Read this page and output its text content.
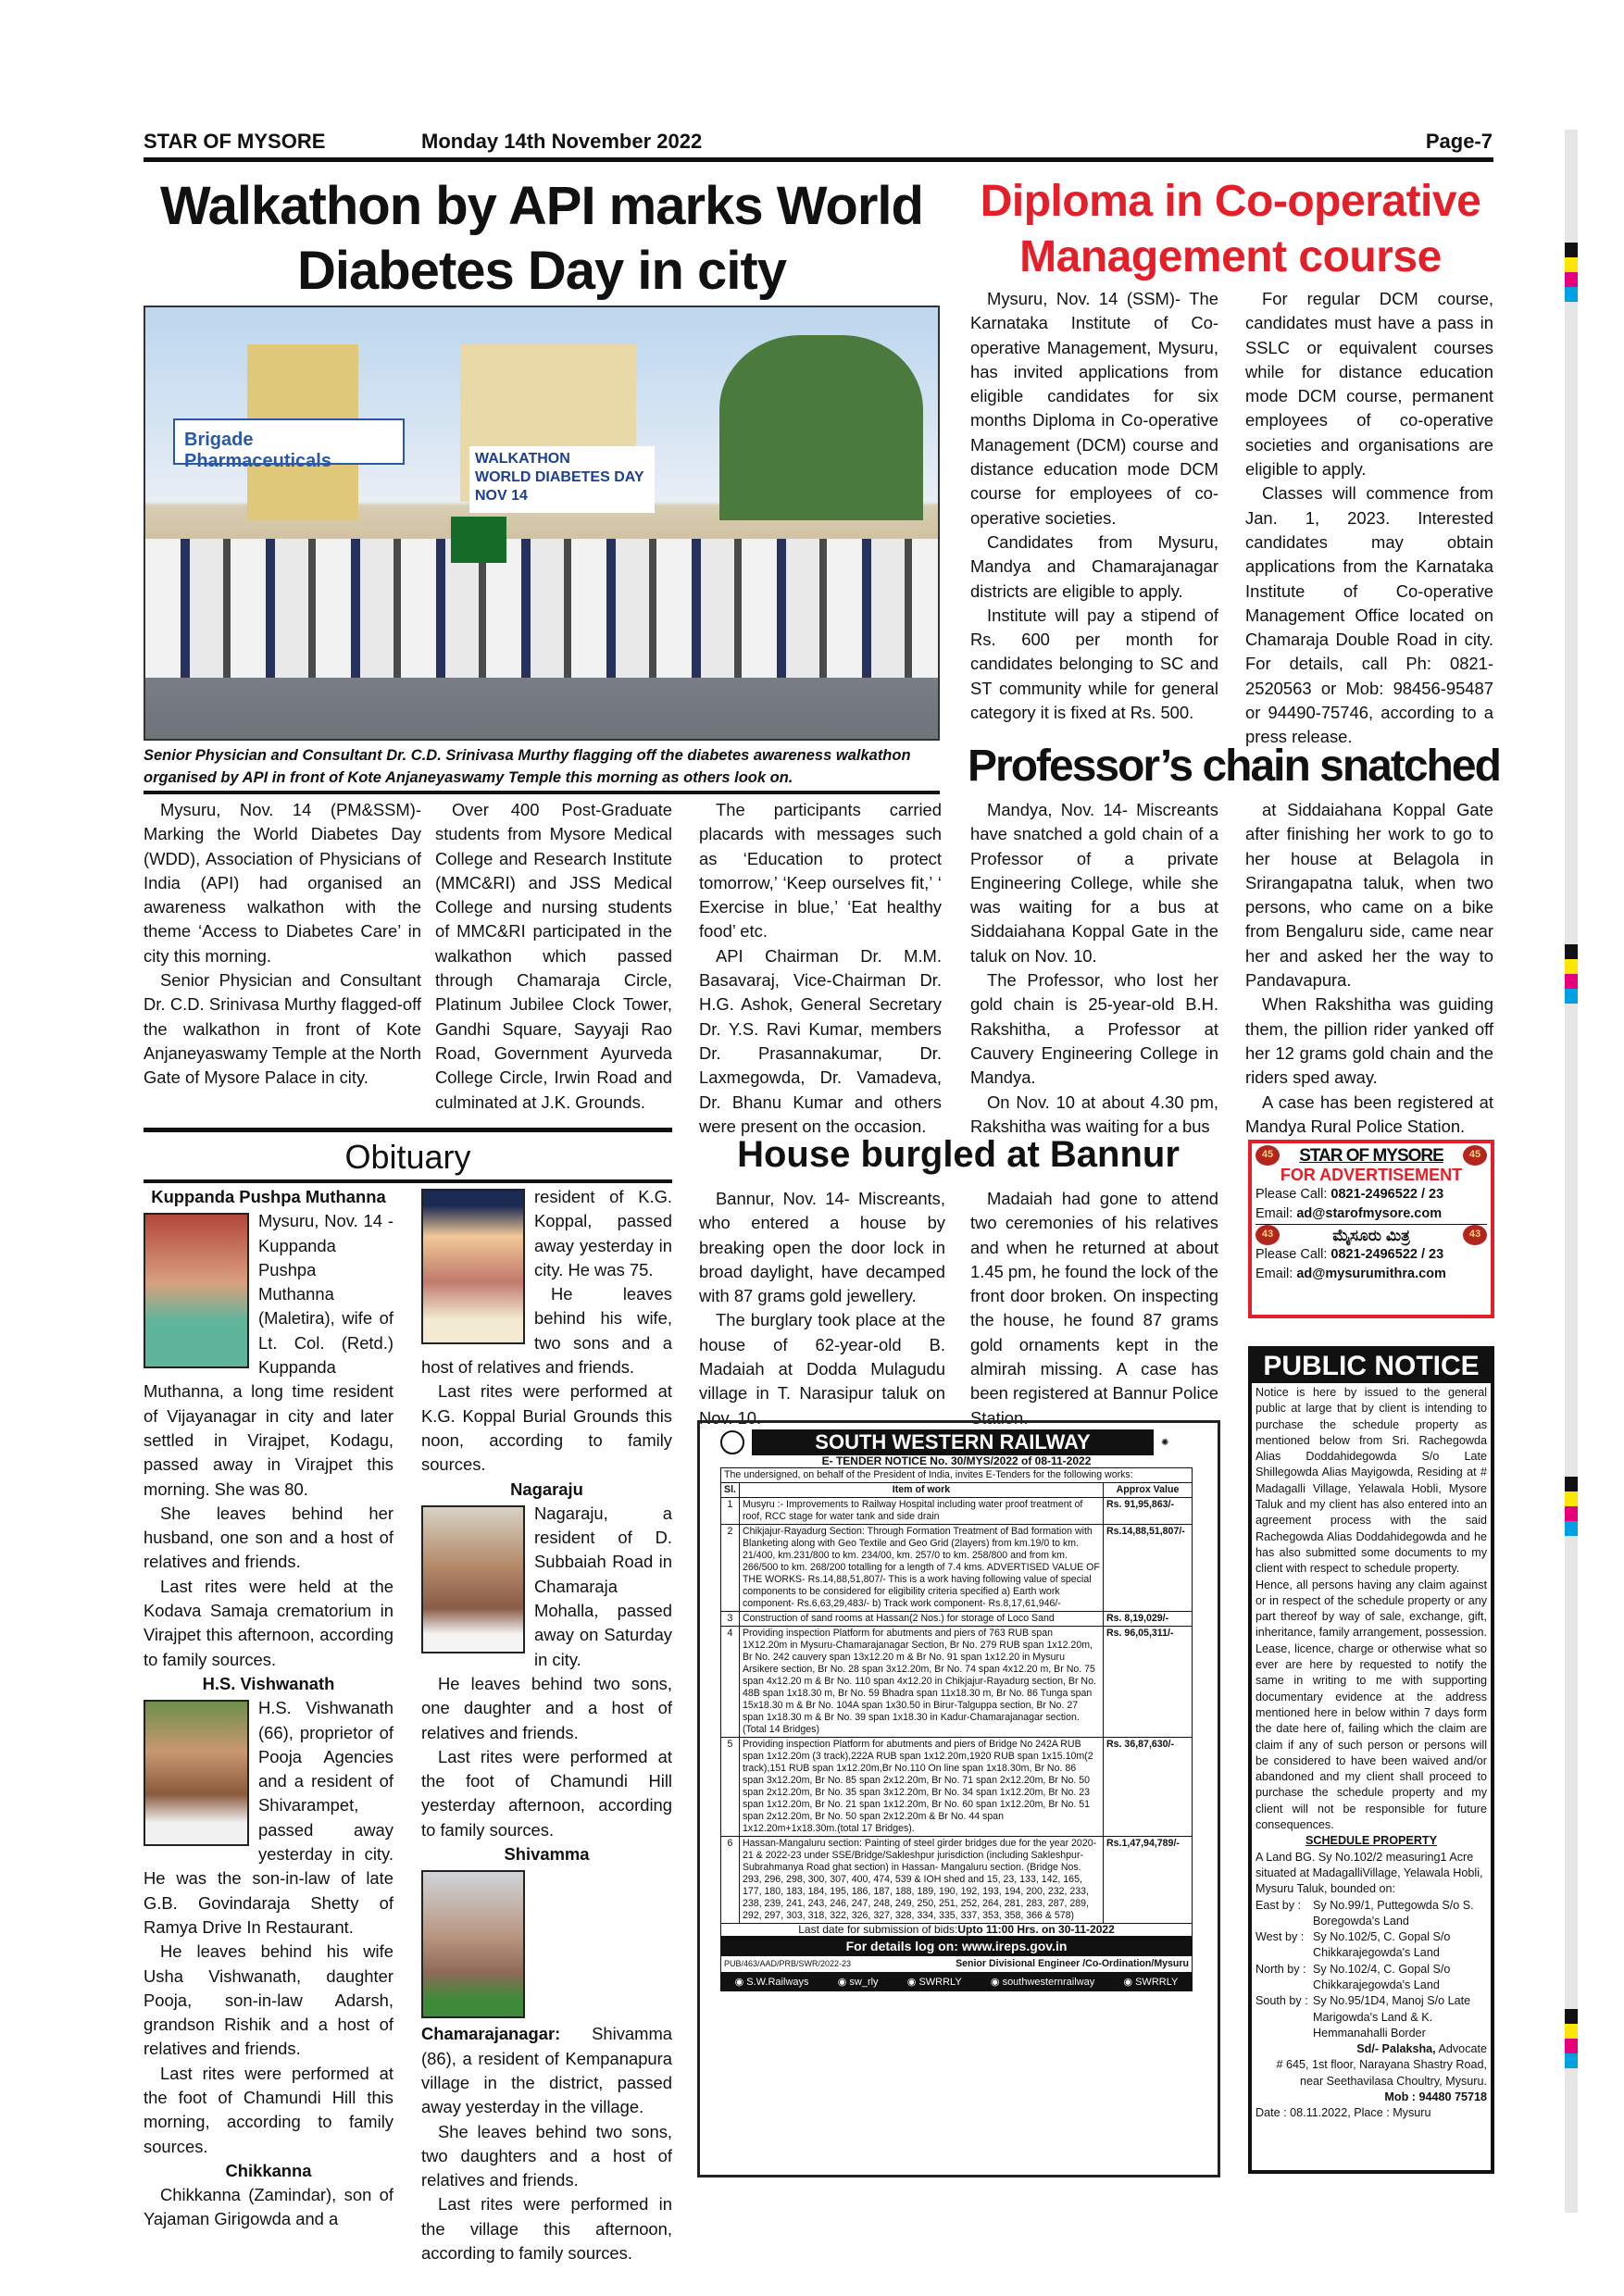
STAR OF MYSORE	Monday 14th November 2022	Page-7
Walkathon by API marks World Diabetes Day in city
Brigade Pharmaceuticals	WALKATHON
WORLD DIABETES DAY
NOV 14
Senior Physician and Consultant Dr. C.D. Srinivasa Murthy flagging off the diabetes awareness walkathon organised by API in front of Kote Anjaneyaswamy Temple this morning as others look on.

Mysuru, Nov. 14 (PM&SSM)- Marking the World Diabetes Day (WDD), Association of Physicians of India (API) had organised an awareness walkathon with the theme ‘Access to Diabetes Care’ in city this morning.

Senior Physician and Consultant Dr. C.D. Srinivasa Murthy flagged-off the walkathon in front of Kote Anjaneyaswamy Temple at the North Gate of Mysore Palace in city.

Over 400 Post-Graduate students from Mysore Medical College and Research Institute (MMC&RI) and JSS Medical College and nursing students of MMC&RI participated in the walkathon which passed through Chamaraja Circle, Platinum Jubilee Clock Tower, Gandhi Square, Sayyaji Rao Road, Government Ayurveda College Circle, Irwin Road and culminated at J.K. Grounds.

The participants carried placards with messages such as ‘Education to protect tomorrow,’ ‘Keep ourselves fit,’ ‘ Exercise in blue,’ ‘Eat healthy food’ etc.

API Chairman Dr. M.M. Basavaraj, Vice-Chairman Dr. H.G. Ashok, General Secretary Dr. Y.S. Ravi Kumar, members Dr. Prasannakumar, Dr. Laxmegowda, Dr. Vamadeva, Dr. Bhanu Kumar and others were present on the occasion.

Diploma in Co-operative Management course

Mysuru, Nov. 14 (SSM)- The Karnataka Institute of Co-operative Management, Mysuru, has invited applications from eligible candidates for six months Diploma in Co-operative Management (DCM) course and distance education mode DCM course for employees of co-operative societies.

Candidates from Mysuru, Mandya and Chamarajanagar districts are eligible to apply.

Institute will pay a stipend of Rs. 600 per month for candidates belonging to SC and ST community while for general category it is fixed at Rs. 500.

For regular DCM course, candidates must have a pass in SSLC or equivalent courses while for distance education mode DCM course, permanent employees of co-operative societies and organisations are eligible to apply.

Classes will commence from Jan. 1, 2023. Interested candidates may obtain applications from the Karnataka Institute of Co-operative Management Office located on Chamaraja Double Road in city. For details, call Ph: 0821-2520563 or Mob: 98456-95487 or 94490-75746, according to a press release.

Professor’s chain snatched

Mandya, Nov. 14- Miscreants have snatched a gold chain of a Professor of a private Engineering College, while she was waiting for a bus at Siddaiahana Koppal Gate in the taluk on Nov. 10.

The Professor, who lost her gold chain is 25-year-old B.H. Rakshitha, a Professor at Cauvery Engineering College in Mandya.

On Nov. 10 at about 4.30 pm, Rakshitha was waiting for a bus

at Siddaiahana Koppal Gate after finishing her work to go to her house at Belagola in Srirangapatna taluk, when two persons, who came on a bike from Bengaluru side, came near her and asked her the way to Pandavapura.

When Rakshitha was guiding them, the pillion rider yanked off her 12 grams gold chain and the riders sped away.

A case has been registered at Mandya Rural Police Station.

Obituary
Kuppanda Pushpa Muthanna

Mysuru, Nov. 14 - Kuppanda Pushpa Muthanna (Maletira), wife of Lt. Col. (Retd.) Kuppanda Muthanna, a long time resident of Vijayanagar in city and later settled in Virajpet, Kodagu, passed away in Virajpet this morning. She was 80.

She leaves behind her husband, one son and a host of relatives and friends.

Last rites were held at the Kodava Samaja crematorium in Virajpet this afternoon, according to family sources.

H.S. Vishwanath

H.S. Vishwanath (66), proprietor of Pooja Agencies and a resident of Shivarampet, passed away yesterday in city. He was the son-in-law of late G.B. Govindaraja Shetty of Ramya Drive In Restaurant.

He leaves behind his wife Usha Vishwanath, daughter Pooja, son-in-law Adarsh, grandson Rishik and a host of relatives and friends.

Last rites were performed at the foot of Chamundi Hill this morning, according to family sources.

Chikkanna

Chikkanna (Zamindar), son of Yajaman Girigowda and a

resident of K.G. Koppal, passed away yesterday in city. He was 75.

He leaves behind his wife, two sons and a host of relatives and friends.

Last rites were performed at K.G. Koppal Burial Grounds this noon, according to family sources.

Nagaraju

Nagaraju, a resident of D. Subbaiah Road in Chamaraja Mohalla, passed away on Saturday in city.

He leaves behind two sons, one daughter and a host of relatives and friends.

Last rites were performed at the foot of Chamundi Hill yesterday afternoon, according to family sources.

Shivamma

Chamarajanagar: Shivamma (86), a resident of Kempanapura village in the district, passed away yesterday in the village.

She leaves behind two sons, two daughters and a host of relatives and friends.

Last rites were performed in the village this afternoon, according to family sources.

House burgled at Bannur

Bannur, Nov. 14- Miscreants, who entered a house by breaking open the door lock in broad daylight, have decamped with 87 grams gold jewellery.

The burglary took place at the house of 62-year-old B. Madaiah at Dodda Mulagudu village in T. Narasipur taluk on Nov. 10.

Madaiah had gone to attend two ceremonies of his relatives and when he returned at about 1.45 pm, he found the lock of the front door broken. On inspecting the house, he found 87 grams gold ornaments kept in the almirah missing. A case has been registered at Bannur Police Station.

SOUTH WESTERN RAILWAY	✺
E- TENDER NOTICE No. 30/MYS/2022 of 08-11-2022
The undersigned, on behalf of the President of India, invites E-Tenders for the following works:
Sl.	Item of work	Approx Value
1	Musyru :- Improvements to Railway Hospital including water proof treatment of roof, RCC stage for water tank and side drain	Rs. 91,95,863/-
2	Chikjajur-Rayadurg Section: Through Formation Treatment of Bad formation with Blanketing along with Geo Textile and Geo Grid (2layers) from km.19/0 to km. 21/400, km.231/800 to km. 234/00, km. 257/0 to km. 258/800 and from km. 266/500 to km. 268/200 totalling for a length of 7.4 kms. ADVERTISED VALUE OF THE WORKS- Rs.14,88,51,807/- This is a work having following value of special components to be considered for eligibility criteria specified a) Earth work component- Rs.6,63,29,483/- b) Track work component- Rs.8,17,61,946/-	Rs.14,88,51,807/-
3	Construction of sand rooms at Hassan(2 Nos.) for storage of Loco Sand	Rs. 8,19,029/-
4	Providing inspection Platform for abutments and piers of 763 RUB span 1X12.20m in Mysuru-Chamarajanagar Section, Br No. 279 RUB span 1x12.20m, Br No. 242 cauvery span 13x12.20 m & Br No. 91 span 1x12.20 in Mysuru Arsikere section, Br No. 28 span 3x12.20m, Br No. 74 span 4x12.20 m, Br No. 75 span 4x12.20 m & Br No. 110 span 4x12.20 in Chikjajur-Rayadurg section, Br No. 48B span 1x18.30 m, Br No. 59 Bhadra span 11x18.30 m, Br No. 86 Tunga span 15x18.30 m & Br No. 104A span 1x30.50 in Birur-Talguppa section, Br No. 27 span 1x18.30 m & Br No. 39 span 1x18.30 in Kadur-Chamarajanagar section.(Total 14 Bridges)	Rs. 96,05,311/-
5	Providing inspection Platform for abutments and piers of Bridge No 242A RUB span 1x12.20m (3 track),222A RUB span 1x12.20m,1920 RUB span 1x15.10m(2 track),151 RUB span 1x12.20m,Br No.110 On line span 1x18.30m, Br No. 86 span 3x12.20m, Br No. 85 span 2x12.20m, Br No. 71 span 2x12.20m, Br No. 50 span 2x12.20m, Br No. 35 span 3x12.20m, Br No. 34 span 1x12.20m, Br No. 23 span 1x12.20m, Br No. 21 span 1x12.20m, Br No. 60 span 1x12.20m, Br No. 51 span 2x12.20m, Br No. 50 span 2x12.20m & Br No. 44 span 1x12.20m+1x18.30m.(total 17 Bridges).	Rs. 36,87,630/-
6	Hassan-Mangaluru section: Painting of steel girder bridges due for the year 2020-21 & 2022-23 under SSE/Bridge/Sakleshpur jurisdiction (including Sakleshpur-Subrahmanya Road ghat section) in Hassan- Mangaluru section. (Bridge Nos. 293, 296, 298, 300, 307, 400, 474, 539 & IOH shed and 15, 23, 133, 142, 165, 177, 180, 183, 184, 195, 186, 187, 188, 189, 190, 192, 193, 194, 200, 232, 233, 238, 239, 241, 243, 246, 247, 248, 249, 250, 251, 252, 264, 281, 283, 287, 289, 292, 297, 303, 318, 322, 326, 327, 328, 334, 335, 337, 353, 358, 366 & 578)	Rs.1,47,94,789/-
Last date for submission of bids:Upto 11:00 Hrs. on 30-11-2022
For details log on: www.ireps.gov.in
PUB/463/AAD/PRB/SWR/2022-23	Senior Divisional Engineer /Co-Ordination/Mysuru
◉ S.W.Railways	◉ sw_rly	◉ SWRRLY	◉ southwesternrailway	◉ SWRRLY
45	STAR OF MYSORE	45
FOR ADVERTISEMENT
Please Call: 0821-2496522 / 23
Email: ad@starofmysore.com
43	ಮೈಸೂರು ಮಿತ್ರ	43
Please Call: 0821-2496522 / 23
Email: ad@mysurumithra.com
PUBLIC NOTICE
Notice is here by issued to the general public at large that by client is intending to purchase the schedule property as mentioned below from Sri. Rachegowda Alias Doddahidegowda S/o Late Shillegowda Alias Mayigowda, Residing at # Madagalli Village, Yelawala Hobli, Mysore Taluk and my client has also entered into an agreement process with the said Rachegowda Alias Doddahidegowda and he has also submitted some documents to my client with respect to schedule property.
Hence, all persons having any claim against or in respect of the schedule property or any part thereof by way of sale, exchange, gift, inheritance, family arrangement, possession. Lease, licence, charge or otherwise what so ever are here by requested to notify the same in writing to me with supporting documentary evidence at the address mentioned here in below within 7 days form the date here of, failing which the claim are claim if any of such person or persons will be considered to have been waived and/or abandoned and my client shall proceed to purchase the schedule property and my client will not be responsible for future consequences.
SCHEDULE PROPERTY
A Land BG. Sy No.102/2 measuring1 Acre situated at MadagalliVillage, Yelawala Hobli, Mysuru Taluk, bounded on:
East by :	Sy No.99/1, Puttegowda S/o S. Boregowda's Land
West by : Sy No.102/5, C. Gopal S/o Chikkarajegowda's Land
North by : Sy No.102/4, C. Gopal S/o Chikkarajegowda's Land
South by : Sy No.95/1D4, Manoj S/o Late Marigowda's Land & K. Hemmanahalli Border
Sd/- Palaksha, Advocate
# 645, 1st floor, Narayana Shastry Road, near Seethavilasa Choultry, Mysuru.
Mob : 94480 75718
Date : 08.11.2022, Place : Mysuru
